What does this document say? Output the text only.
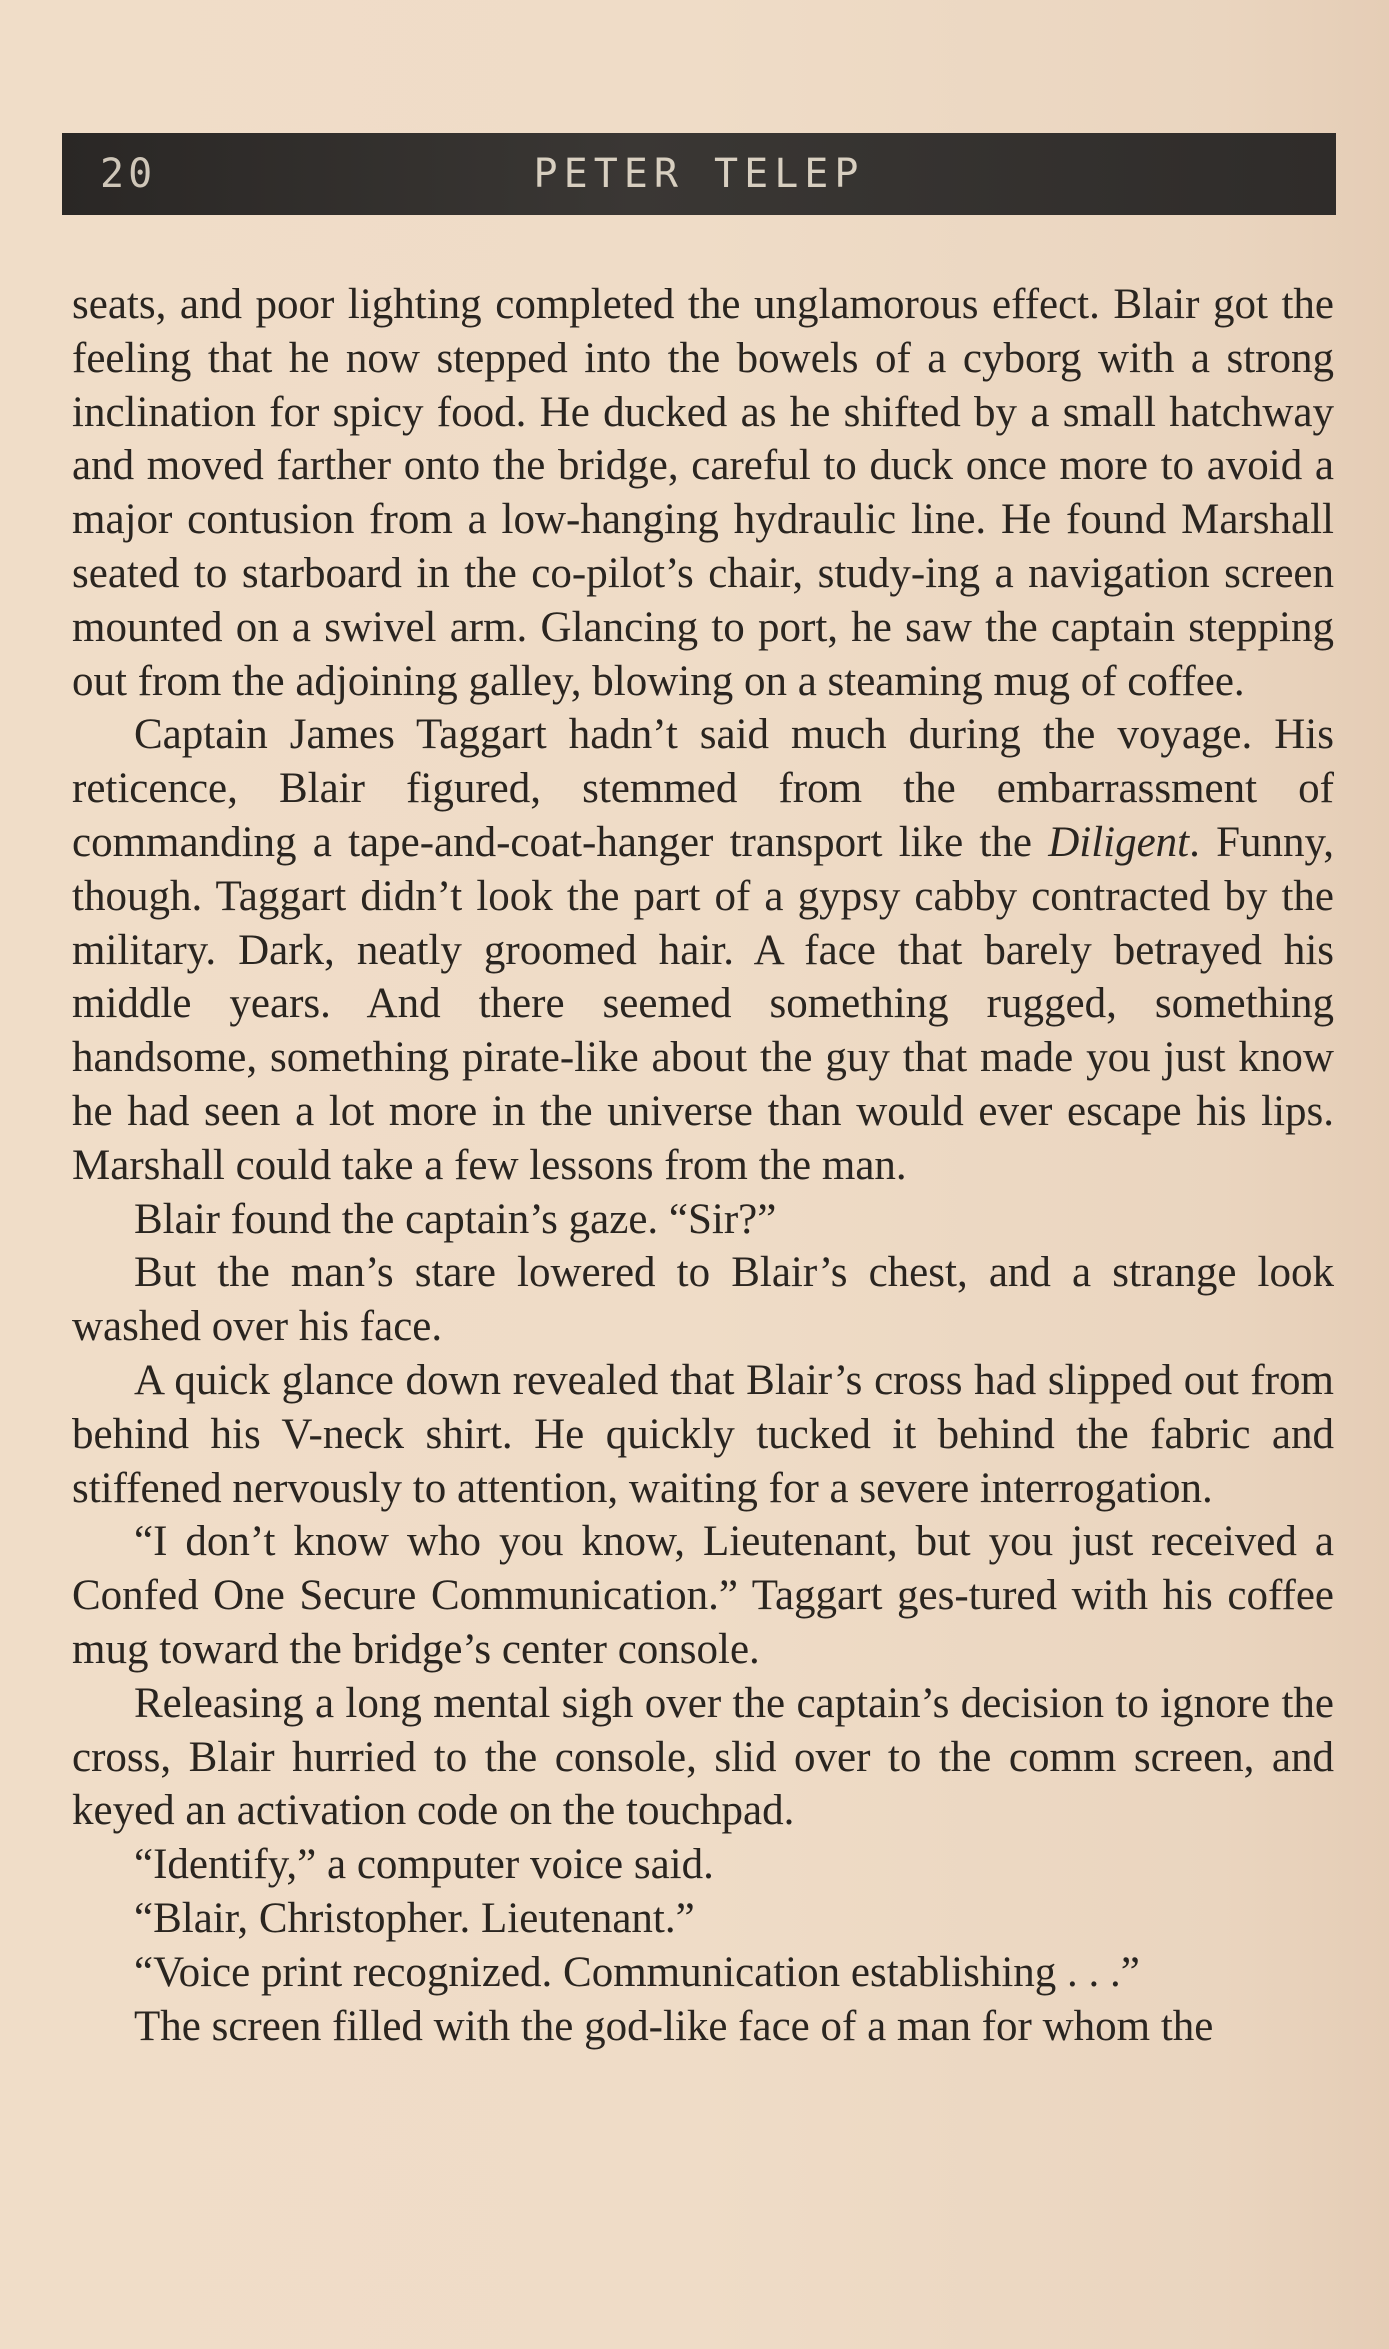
20	PETER TELEP

seats, and poor lighting completed the unglamorous effect. Blair got the feeling that he now stepped into the bowels of a cyborg with a strong inclination for spicy food. He ducked as he shifted by a small hatchway and moved farther onto the bridge, careful to duck once more to avoid a major contusion from a low-hanging hydraulic line. He found Marshall seated to starboard in the co-pilot’s chair, study-ing a navigation screen mounted on a swivel arm. Glancing to port, he saw the captain stepping out from the adjoining galley, blowing on a steaming mug of coffee.

Captain James Taggart hadn’t said much during the voyage. His reticence, Blair figured, stemmed from the embarrassment of commanding a tape-and-coat-hanger transport like the Diligent. Funny, though. Taggart didn’t look the part of a gypsy cabby contracted by the military. Dark, neatly groomed hair. A face that barely betrayed his middle years. And there seemed something rugged, something handsome, something pirate-like about the guy that made you just know he had seen a lot more in the universe than would ever escape his lips. Marshall could take a few lessons from the man.

Blair found the captain’s gaze. “Sir?”

But the man’s stare lowered to Blair’s chest, and a strange look washed over his face.

A quick glance down revealed that Blair’s cross had slipped out from behind his V-neck shirt. He quickly tucked it behind the fabric and stiffened nervously to attention, waiting for a severe interrogation.

“I don’t know who you know, Lieutenant, but you just received a Confed One Secure Communication.” Taggart ges-tured with his coffee mug toward the bridge’s center console.

Releasing a long mental sigh over the captain’s decision to ignore the cross, Blair hurried to the console, slid over to the comm screen, and keyed an activation code on the touchpad.

“Identify,” a computer voice said.

“Blair, Christopher. Lieutenant.”

“Voice print recognized. Communication establishing . . .”

The screen filled with the god-like face of a man for whom the
